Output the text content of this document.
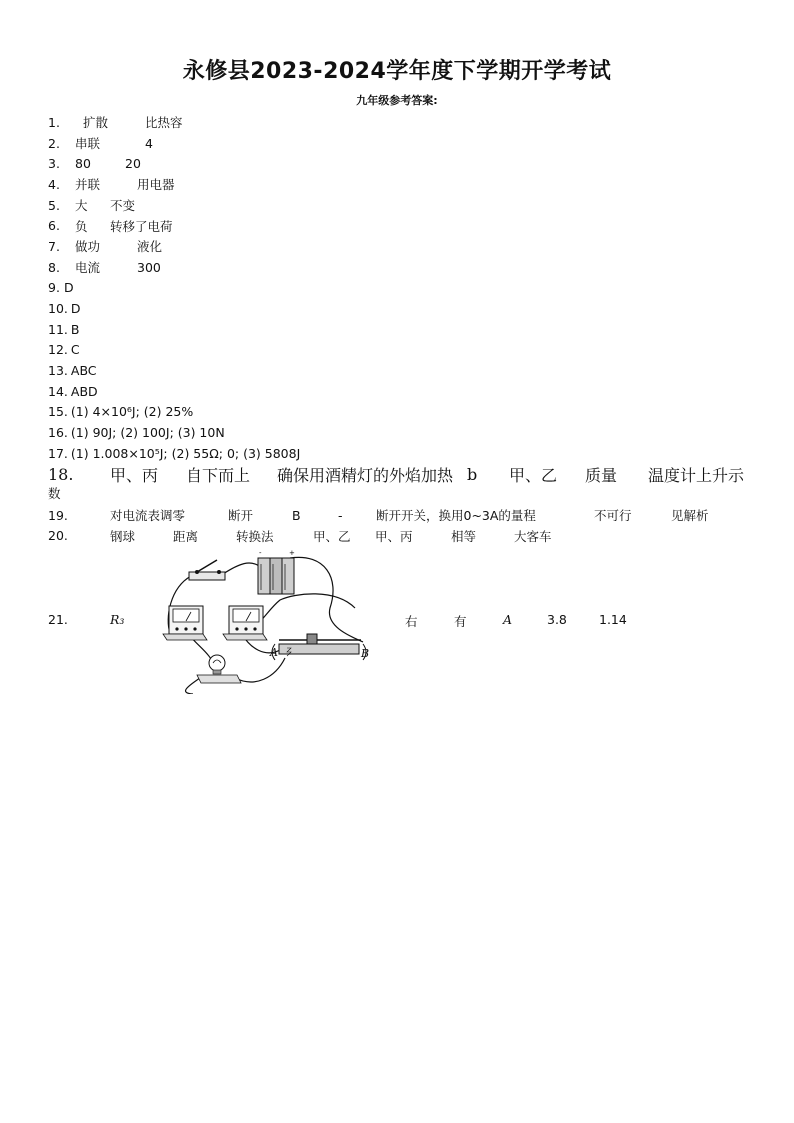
永修县2023-2024学年度下学期开学考试
九年级参考答案:
1.	扩散	比热容
2.	串联	4
3.	80	20
4.	并联	用电器
5.	大	不变
6.	负	转移了电荷
7.	做功	液化
8.	电流	300
9. D
10. D
11. B
12. C
13. ABC
14. ABD
15. (1) 4×10⁶J; (2) 25%
16. (1) 90J; (2) 100J; (3) 10N
17. (1) 1.008×10⁵J; (2) 55Ω; 0; (3) 5808J
18.	甲、丙	自下而上	确保用酒精灯的外焰加热 b	甲、乙	质量	温度计上升示
数
19.	对电流表调零	断开	B	-	断开开关，换用0~3A的量程	不可行	见解析
20.	钢球	距离	转换法	甲、乙	甲、丙	相等	大客车
21.	R₃	右	有	A	3.8	1.14
-	+
A	B
